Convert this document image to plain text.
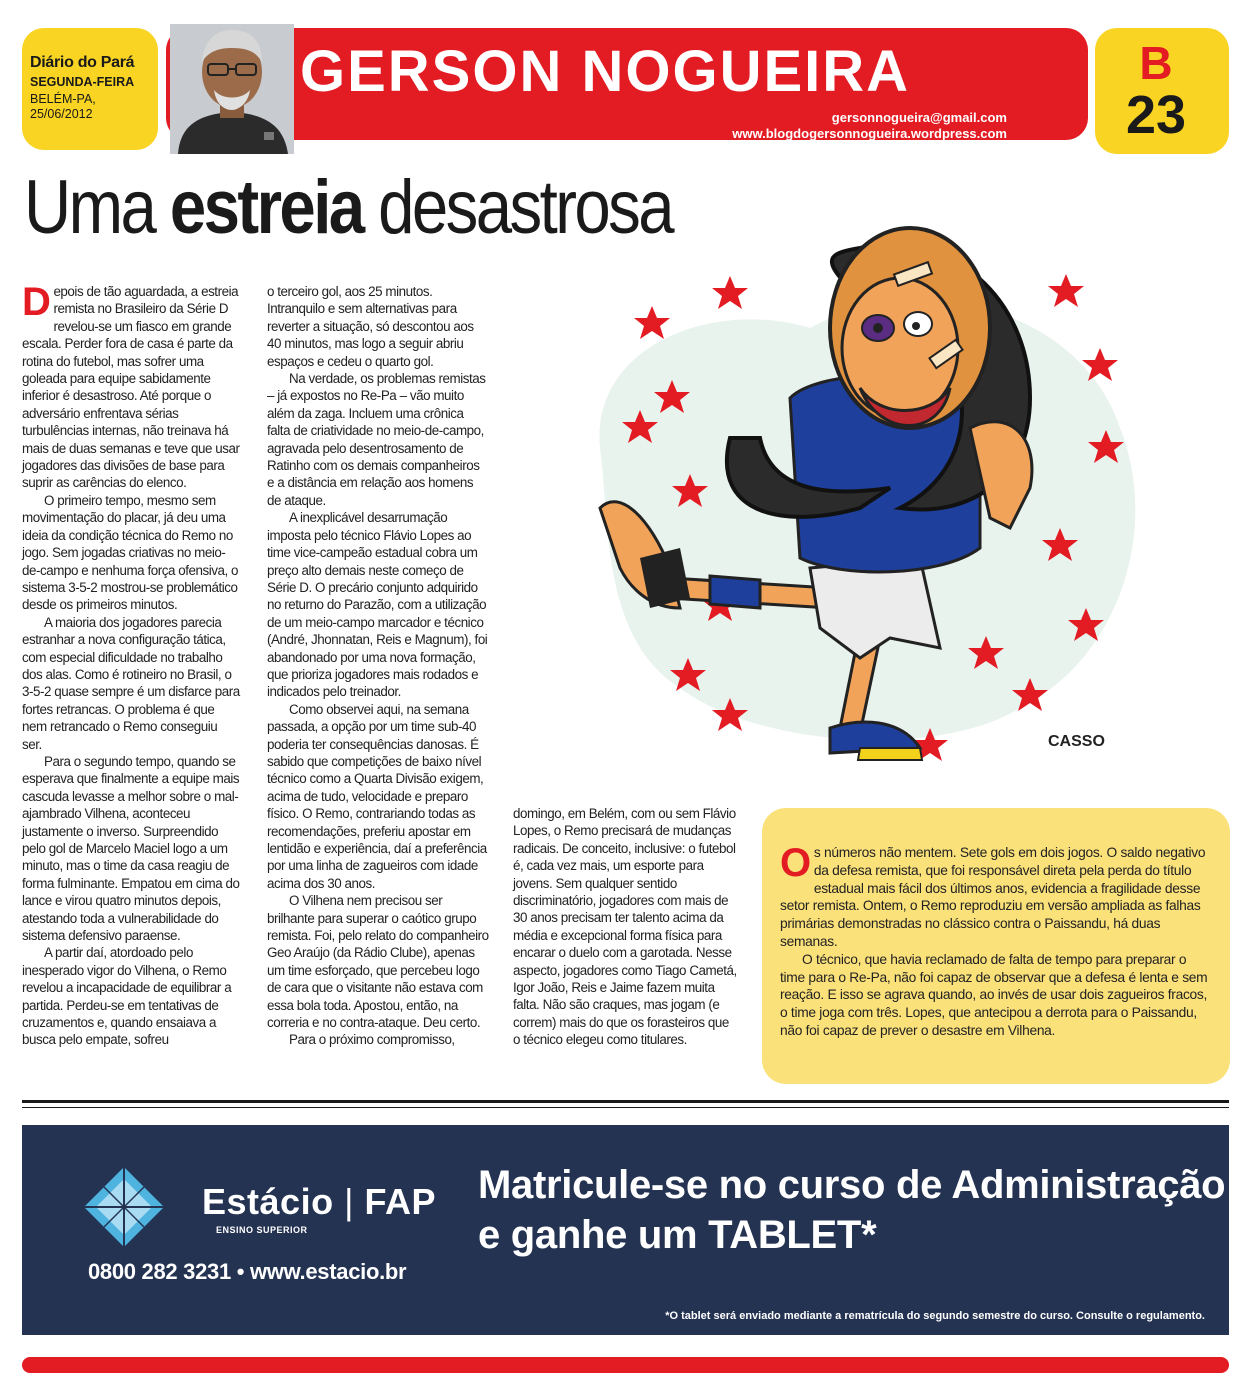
Diário do Pará
SEGUNDA-FEIRA
BELÉM-PA,
25/06/2012
GERSON NOGUEIRA
gersonnogueira@gmail.com
www.blogdogersonnogueira.wordpress.com
B
23
Uma estreia desastrosa
CASSO

Depois de tão aguardada, a estreia remista no Brasileiro da Série D revelou-se um fiasco em grande escala. Perder fora de casa é parte da rotina do futebol, mas sofrer uma goleada para equipe sabidamente inferior é desastroso. Até porque o adversário enfrentava sérias turbulências internas, não treinava há mais de duas semanas e teve que usar jogadores das divisões de base para suprir as carências do elenco.

O primeiro tempo, mesmo sem movimentação do placar, já deu uma ideia da condição técnica do Remo no jogo. Sem jogadas criativas no meio-de-campo e nenhuma força ofensiva, o sistema 3-5-2 mostrou-se problemático desde os primeiros minutos.

A maioria dos jogadores parecia estranhar a nova configuração tática, com especial dificuldade no trabalho dos alas. Como é rotineiro no Brasil, o 3-5-2 quase sempre é um disfarce para fortes retrancas. O problema é que nem retrancado o Remo conseguiu ser.

Para o segundo tempo, quando se esperava que finalmente a equipe mais cascuda levasse a melhor sobre o mal-ajambrado Vilhena, aconteceu justamente o inverso. Surpreendido pelo gol de Marcelo Maciel logo a um minuto, mas o time da casa reagiu de forma fulminante. Empatou em cima do lance e virou quatro minutos depois, atestando toda a vulnerabilidade do sistema defensivo paraense.

A partir daí, atordoado pelo inesperado vigor do Vilhena, o Remo revelou a incapacidade de equilibrar a partida. Perdeu-se em tentativas de cruzamentos e, quando ensaiava a busca pelo empate, sofreu

o terceiro gol, aos 25 minutos. Intranquilo e sem alternativas para reverter a situação, só descontou aos 40 minutos, mas logo a seguir abriu espaços e cedeu o quarto gol.

Na verdade, os problemas remistas – já expostos no Re-Pa – vão muito além da zaga. Incluem uma crônica falta de criatividade no meio-de-campo, agravada pelo desentrosamento de Ratinho com os demais companheiros e a distância em relação aos homens de ataque.

A inexplicável desarrumação imposta pelo técnico Flávio Lopes ao time vice-campeão estadual cobra um preço alto demais neste começo de Série D. O precário conjunto adquirido no returno do Parazão, com a utilização de um meio-campo marcador e técnico (André, Jhonnatan, Reis e Magnum), foi abandonado por uma nova formação, que prioriza jogadores mais rodados e indicados pelo treinador.

Como observei aqui, na semana passada, a opção por um time sub-40 poderia ter consequências danosas. É sabido que competições de baixo nível técnico como a Quarta Divisão exigem, acima de tudo, velocidade e preparo físico. O Remo, contrariando todas as recomendações, preferiu apostar em lentidão e experiência, daí a preferência por uma linha de zagueiros com idade acima dos 30 anos.

O Vilhena nem precisou ser brilhante para superar o caótico grupo remista. Foi, pelo relato do companheiro Geo Araújo (da Rádio Clube), apenas um time esforçado, que percebeu logo de cara que o visitante não estava com essa bola toda. Apostou, então, na correria e no contra-ataque. Deu certo.

Para o próximo compromisso,

domingo, em Belém, com ou sem Flávio Lopes, o Remo precisará de mudanças radicais. De conceito, inclusive: o futebol é, cada vez mais, um esporte para jovens. Sem qualquer sentido discriminatório, jogadores com mais de 30 anos precisam ter talento acima da média e excepcional forma física para encarar o duelo com a garotada. Nesse aspecto, jogadores como Tiago Cametá, Igor João, Reis e Jaime fazem muita falta. Não são craques, mas jogam (e correm) mais do que os forasteiros que o técnico elegeu como titulares.

Os números não mentem. Sete gols em dois jogos. O saldo negativo da defesa remista, que foi responsável direta pela perda do título estadual mais fácil dos últimos anos, evidencia a fragilidade desse setor remista. Ontem, o Remo reproduziu em versão ampliada as falhas primárias demonstradas no clássico contra o Paissandu, há duas semanas.

O técnico, que havia reclamado de falta de tempo para preparar o time para o Re-Pa, não foi capaz de observar que a defesa é lenta e sem reação. E isso se agrava quando, ao invés de usar dois zagueiros fracos, o time joga com três. Lopes, que antecipou a derrota para o Paissandu, não foi capaz de prever o desastre em Vilhena.

Estácio | FAP
ENSINO SUPERIOR
0800 282 3231 • www.estacio.br
Matricule-se no curso de Administração
e ganhe um TABLET*
*O tablet será enviado mediante a rematrícula do segundo semestre do curso. Consulte o regulamento.
